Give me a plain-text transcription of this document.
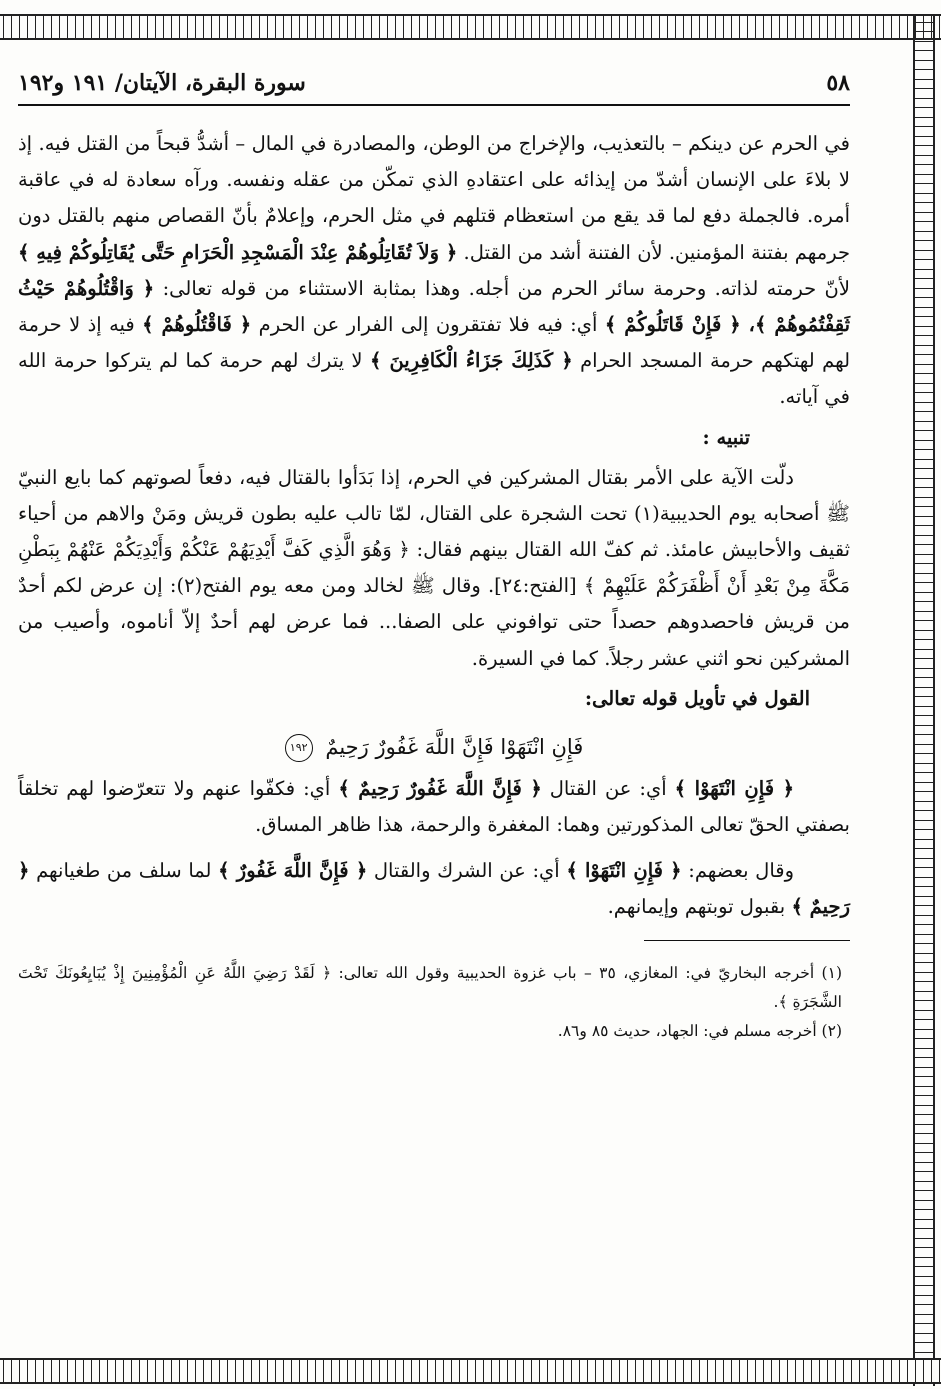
٥٨
سورة البقرة، الآيتان/ ١٩١ و١٩٢

في الحرم عن دينكم – بالتعذيب، والإخراج من الوطن، والمصادرة في المال – أشدُّ قبحاً من القتل فيه. إذ لا بلاءَ على الإنسان أشدّ من إيذائه على اعتقادهِ الذي تمكّن من عقله ونفسه. ورآه سعادة له في عاقبة أمره. فالجملة دفع لما قد يقع من استعظام قتلهم في مثل الحرم، وإعلامٌ بأنّ القصاص منهم بالقتل دون جرمهم بفتنة المؤمنين. لأن الفتنة أشد من القتل. ﴿ وَلاَ تُقَاتِلُوهُمْ عِنْدَ الْمَسْجِدِ الْحَرَامِ حَتَّى يُقَاتِلُوكُمْ فِيهِ ﴾ لأنّ حرمته لذاته. وحرمة سائر الحرم من أجله. وهذا بمثابة الاستثناء من قوله تعالى: ﴿ وَاقْتُلُوهُمْ حَيْثُ ثَقِفْتُمُوهُمْ ﴾، ﴿ فَإِنْ قَاتَلُوكُمْ ﴾ أي: فيه فلا تفتقرون إلى الفرار عن الحرم ﴿ فَاقْتُلُوهُمْ ﴾ فيه إذ لا حرمة لهم لهتكهم حرمة المسجد الحرام ﴿ كَذَلِكَ جَزَاءُ الْكَافِرِينَ ﴾ لا يترك لهم حرمة كما لم يتركوا حرمة الله في آياته.

تنبيه :

دلّت الآية على الأمر بقتال المشركين في الحرم، إذا بَدَأوا بالقتال فيه، دفعاً لصوتهم كما بايع النبيّ ﷺ أصحابه يوم الحديبية(١) تحت الشجرة على القتال، لمّا تالب عليه بطون قريش ومَنْ والاهم من أحياء ثقيف والأحابيش عامئذ. ثم كفّ الله القتال بينهم فقال: ﴿ وَهُوَ الَّذِي كَفَّ أَيْدِيَهُمْ عَنْكُمْ وَأَيْدِيَكُمْ عَنْهُمْ بِبَطْنِ مَكَّةَ مِنْ بَعْدِ أَنْ أَظْفَرَكُمْ عَلَيْهِمْ ﴾ [الفتح:٢٤]. وقال ﷺ لخالد ومن معه يوم الفتح(٢): إن عرض لكم أحدٌ من قريش فاحصدوهم حصداً حتى توافوني على الصفا... فما عرض لهم أحدٌ إلاّ أناموه، وأصيب من المشركين نحو اثني عشر رجلاً. كما في السيرة.

القول في تأويل قوله تعالى:
فَإِنِ انْتَهَوْا فَإِنَّ اللَّهَ غَفُورٌ رَحِيمٌ ١٩٢

﴿ فَإِنِ انْتَهَوْا ﴾ أي: عن القتال ﴿ فَإِنَّ اللَّهَ غَفُورٌ رَحِيمٌ ﴾ أي: فكفّوا عنهم ولا تتعرّضوا لهم تخلقاً بصفتي الحقّ تعالى المذكورتين وهما: المغفرة والرحمة، هذا ظاهر المساق.

وقال بعضهم: ﴿ فَإِنِ انْتَهَوْا ﴾ أي: عن الشرك والقتال ﴿ فَإِنَّ اللَّهَ غَفُورٌ ﴾ لما سلف من طغيانهم ﴿ رَحِيمٌ ﴾ بقبول توبتهم وإيمانهم.

(١) أخرجه البخاريّ في: المغازي، ٣٥ – باب غزوة الحديبية وقول الله تعالى: ﴿ لَقَدْ رَضِيَ اللَّهُ عَنِ الْمُؤْمِنِينَ إِذْ يُبَايِعُونَكَ تَحْتَ الشَّجَرَةِ ﴾.

(٢) أخرجه مسلم في: الجهاد، حديث ٨٥ و٨٦.
